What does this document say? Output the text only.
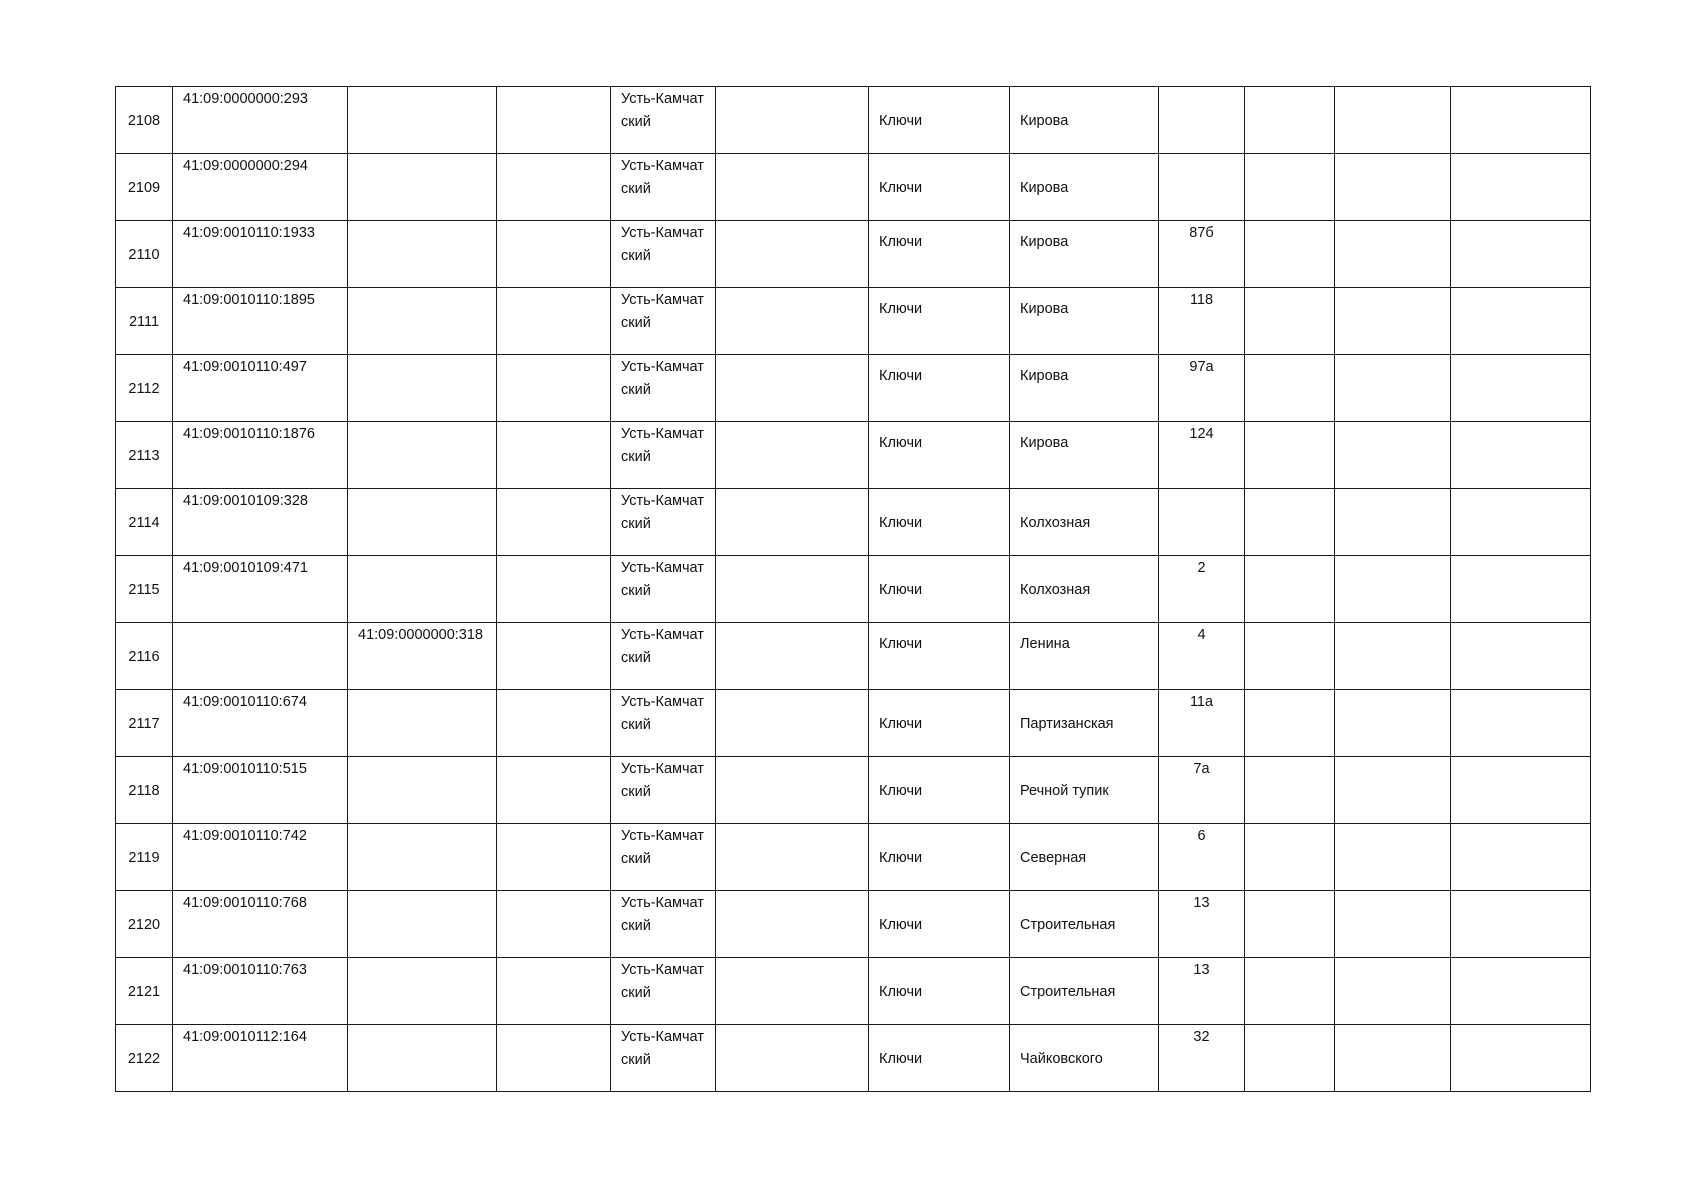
2108	41:09:0000000:293			Усть-Камчатский		Ключи	Кирова				

2109	41:09:0000000:294			Усть-Камчатский		Ключи	Кирова				

2110	41:09:0010110:1933			Усть-Камчатский		Ключи	Кирова	87б			

2111	41:09:0010110:1895			Усть-Камчатский		Ключи	Кирова	118			

2112	41:09:0010110:497			Усть-Камчатский		Ключи	Кирова	97а			

2113	41:09:0010110:1876			Усть-Камчатский		Ключи	Кирова	124			

2114	41:09:0010109:328			Усть-Камчатский		Ключи	Колхозная				

2115	41:09:0010109:471			Усть-Камчатский		Ключи	Колхозная	2			

2116		41:09:0000000:318		Усть-Камчатский		Ключи	Ленина	4			

2117	41:09:0010110:674			Усть-Камчатский		Ключи	Партизанская	11а			

2118	41:09:0010110:515			Усть-Камчатский		Ключи	Речной тупик	7а			

2119	41:09:0010110:742			Усть-Камчатский		Ключи	Северная	6			

2120	41:09:0010110:768			Усть-Камчатский		Ключи	Строительная	13			

2121	41:09:0010110:763			Усть-Камчатский		Ключи	Строительная	13			

2122	41:09:0010112:164			Усть-Камчатский		Ключи	Чайковского	32			
